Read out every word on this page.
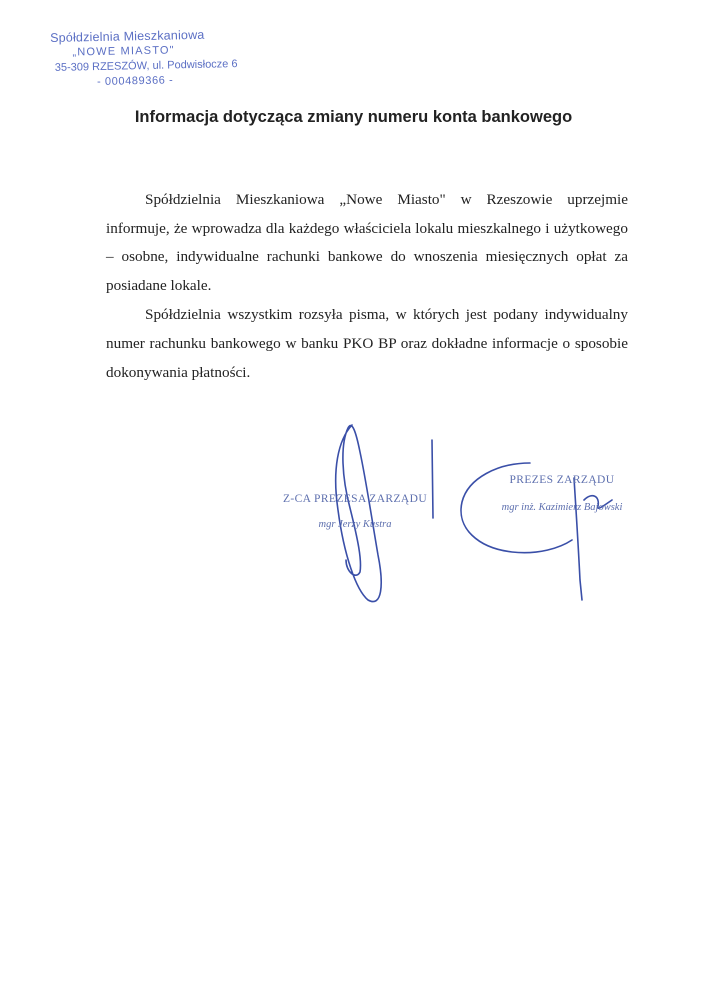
Spółdzielnia Mieszkaniowa
„NOWE MIASTO"
35-309 RZESZÓW, ul. Podwisłocze 6
- 000489366 -
Informacja dotycząca zmiany numeru konta bankowego

Spółdzielnia Mieszkaniowa „Nowe Miasto" w Rzeszowie uprzejmie informuje, że wprowadza dla każdego właściciela lokalu mieszkalnego i użytkowego – osobne, indywidualne rachunki bankowe do wnoszenia miesięcznych opłat za posiadane lokale.

Spółdzielnia wszystkim rozsyła pisma, w których jest podany indywidualny numer rachunku bankowego w banku PKO BP oraz dokładne informacje o sposobie dokonywania płatności.

Z-CA PREZESA ZARZĄDU
mgr Jerzy Kustra
PREZES ZARZĄDU
mgr inż. Kazimierz Bajowski
